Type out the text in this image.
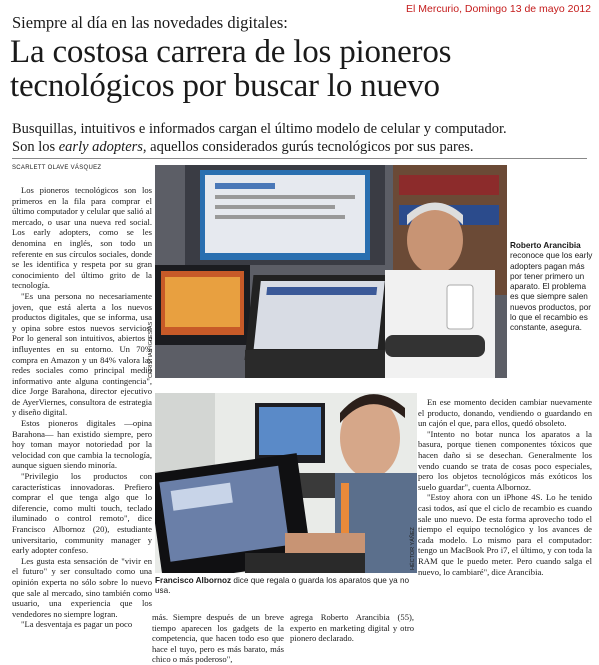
El Mercurio, Domingo 13 de mayo 2012
Siempre al día en las novedades digitales:
La costosa carrera de los pioneros
tecnológicos por buscar lo nuevo
Busquillas, intuitivos e informados cargan el último modelo de celular y computador.
Son los early adopters, aquellos considerados gurús tecnológicos por sus pares.
SCARLETT OLAVE VÁSQUEZ

Los pioneros tecnológicos son los primeros en la fila para comprar el último computador y celular que salió al mercado, o usar una nueva red social. Los early adopters, como se les denomina en inglés, son todo un referente en sus círculos sociales, donde se les identifica y respeta por su gran conocimiento del último grito de la tecnología.

"Es una persona no necesariamente joven, que está alerta a los nuevos productos digitales, que se informa, usa y opina sobre estos nuevos servicios. Por lo general son intuitivos, abiertos e influyentes en su entorno. Un 70% compra en Amazon y un 84% valora las redes sociales como principal medio informativo ante alguna contingencia", dice Jorge Barahona, director ejecutivo de AyerViernes, consultora de estrategia y diseño digital.

Estos pioneros digitales —opina Barahona— han existido siempre, pero hoy toman mayor notoriedad por la velocidad con que cambia la tecnología, aunque siguen siendo minoría.

"Privilegio los productos con características innovadoras. Prefiero comprar el que tenga algo que lo diferencie, como multi touch, teclado iluminado o control remoto", dice Francisco Albornoz (20), estudiante universitario, community manager y early adopter confeso.

Les gusta esta sensación de "vivir en el futuro" y ser consultado como una opinión experta no sólo sobre lo nuevo que sale al mercado, sino también como usuario, una experiencia que los vendedores no siempre logran.

"La desventaja es pagar un poco

CHRISTIAN IGLESIAS
Roberto Arancibia reconoce que los early adopters pagan más por tener primero un aparato. El problema es que siempre salen nuevos productos, por lo que el recambio es constante, asegura.
HÉCTOR YÁÑEZ
Francisco Albornoz dice que regala o guarda los aparatos que ya no usa.
más. Siempre después de un breve tiempo aparecen los gadgets de la competencia, que hacen todo eso que hace el tuyo, pero es más barato, más chico o más poderoso",
agrega Roberto Arancibia (55), experto en marketing digital y otro pionero declarado.

En ese momento deciden cambiar nuevamente el producto, donando, vendiendo o guardando en un cajón el que, para ellos, quedó obsoleto.

"Intento no botar nunca los aparatos a la basura, porque tienen componentes tóxicos que hacen daño si se desechan. Generalmente los vendo cuando se trata de cosas poco especiales, pero los objetos tecnológicos más exóticos los suelo guardar", cuenta Albornoz.

"Estoy ahora con un iPhone 4S. Lo he tenido casi todos, así que el ciclo de recambio es cuando sale uno nuevo. De esta forma aprovecho todo el tiempo el equipo tecnológico y los avances de cada modelo. Lo mismo para el computador: tengo un MacBook Pro i7, el último, y con toda la RAM que le puedo meter. Pero cuando salga el nuevo, lo cambiaré", dice Arancibia.
